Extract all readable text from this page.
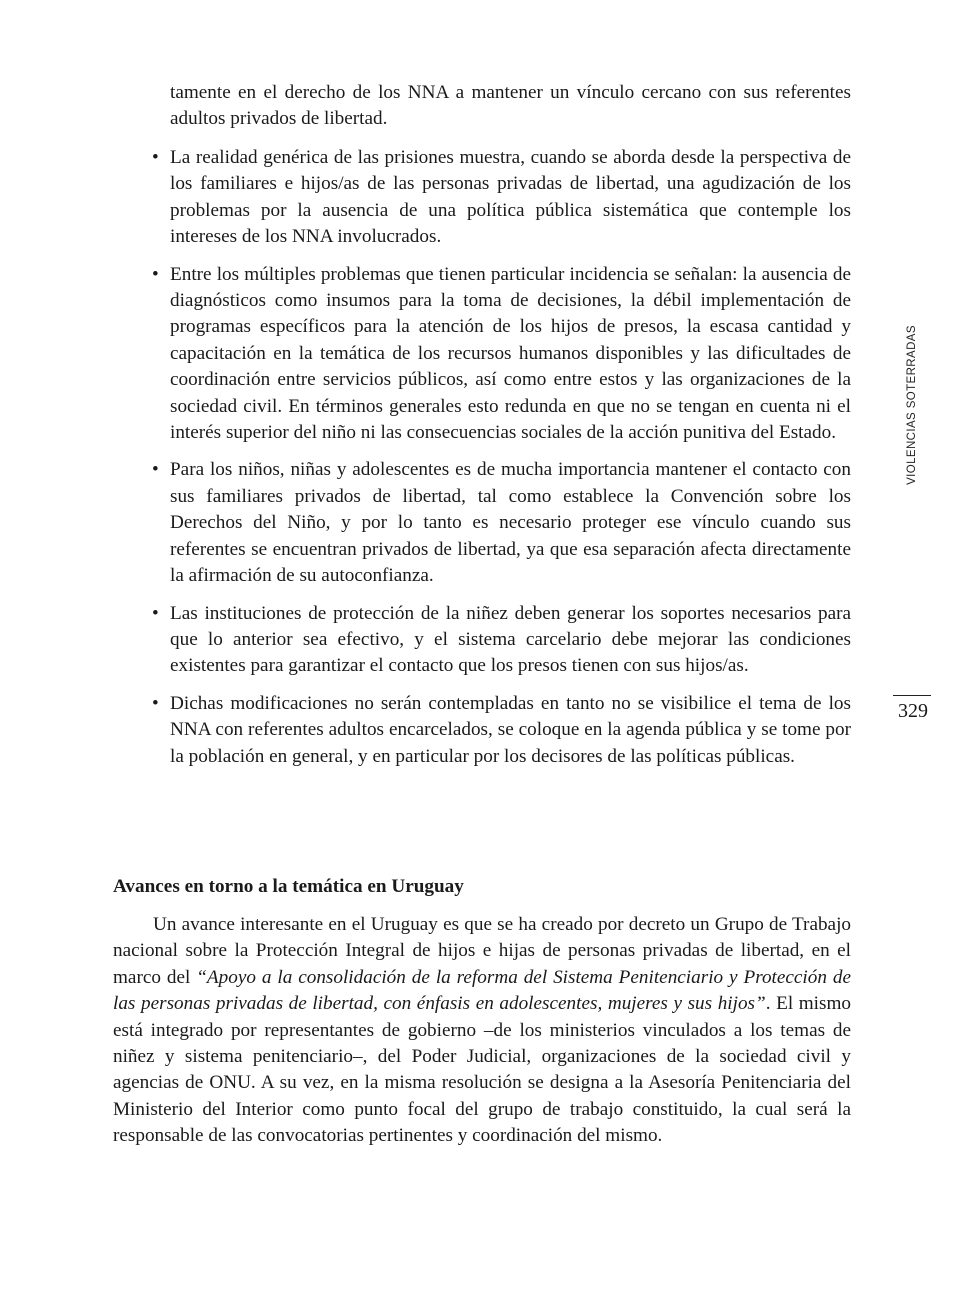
tamente en el derecho de los NNA a mantener un vínculo cercano con sus referentes adultos privados de libertad.

• La realidad genérica de las prisiones muestra, cuando se aborda desde la perspectiva de los familiares e hijos/as de las personas privadas de libertad, una agudización de los problemas por la ausencia de una política pública sistemática que contemple los intereses de los NNA involucrados.
• Entre los múltiples problemas que tienen particular incidencia se señalan: la ausencia de diagnósticos como insumos para la toma de decisiones, la débil implementación de programas específicos para la atención de los hijos de presos, la escasa cantidad y capacitación en la temática de los recursos humanos disponibles y las dificultades de coordinación entre servicios públicos, así como entre estos y las organizaciones de la sociedad civil. En términos generales esto redunda en que no se tengan en cuenta ni el interés superior del niño ni las consecuencias sociales de la acción punitiva del Estado.
• Para los niños, niñas y adolescentes es de mucha importancia mantener el contacto con sus familiares privados de libertad, tal como establece la Convención sobre los Derechos del Niño, y por lo tanto es necesario proteger ese vínculo cuando sus referentes se encuentran privados de libertad, ya que esa separación afecta directamente la afirmación de su autoconfianza.
• Las instituciones de protección de la niñez deben generar los soportes necesarios para que lo anterior sea efectivo, y el sistema carcelario debe mejorar las condiciones existentes para garantizar el contacto que los presos tienen con sus hijos/as.
• Dichas modificaciones no serán contempladas en tanto no se visibilice el tema de los NNA con referentes adultos encarcelados, se coloque en la agenda pública y se tome por la población en general, y en particular por los decisores de las políticas públicas.
Avances en torno a la temática en Uruguay

Un avance interesante en el Uruguay es que se ha creado por decreto un Grupo de Trabajo nacional sobre la Protección Integral de hijos e hijas de personas privadas de libertad, en el marco del “Apoyo a la consolidación de la reforma del Sistema Penitenciario y Protección de las personas privadas de libertad, con énfasis en adolescentes, mujeres y sus hijos”. El mismo está integrado por representantes de gobierno –de los ministerios vinculados a los temas de niñez y sistema penitenciario–, del Poder Judicial, organizaciones de la sociedad civil y agencias de ONU. A su vez, en la misma resolución se designa a la Asesoría Penitenciaria del Ministerio del Interior como punto focal del grupo de trabajo constituido, la cual será la responsable de las convocatorias pertinentes y coordinación del mismo.

VIOLENCIAS SOTERRADAS
329
